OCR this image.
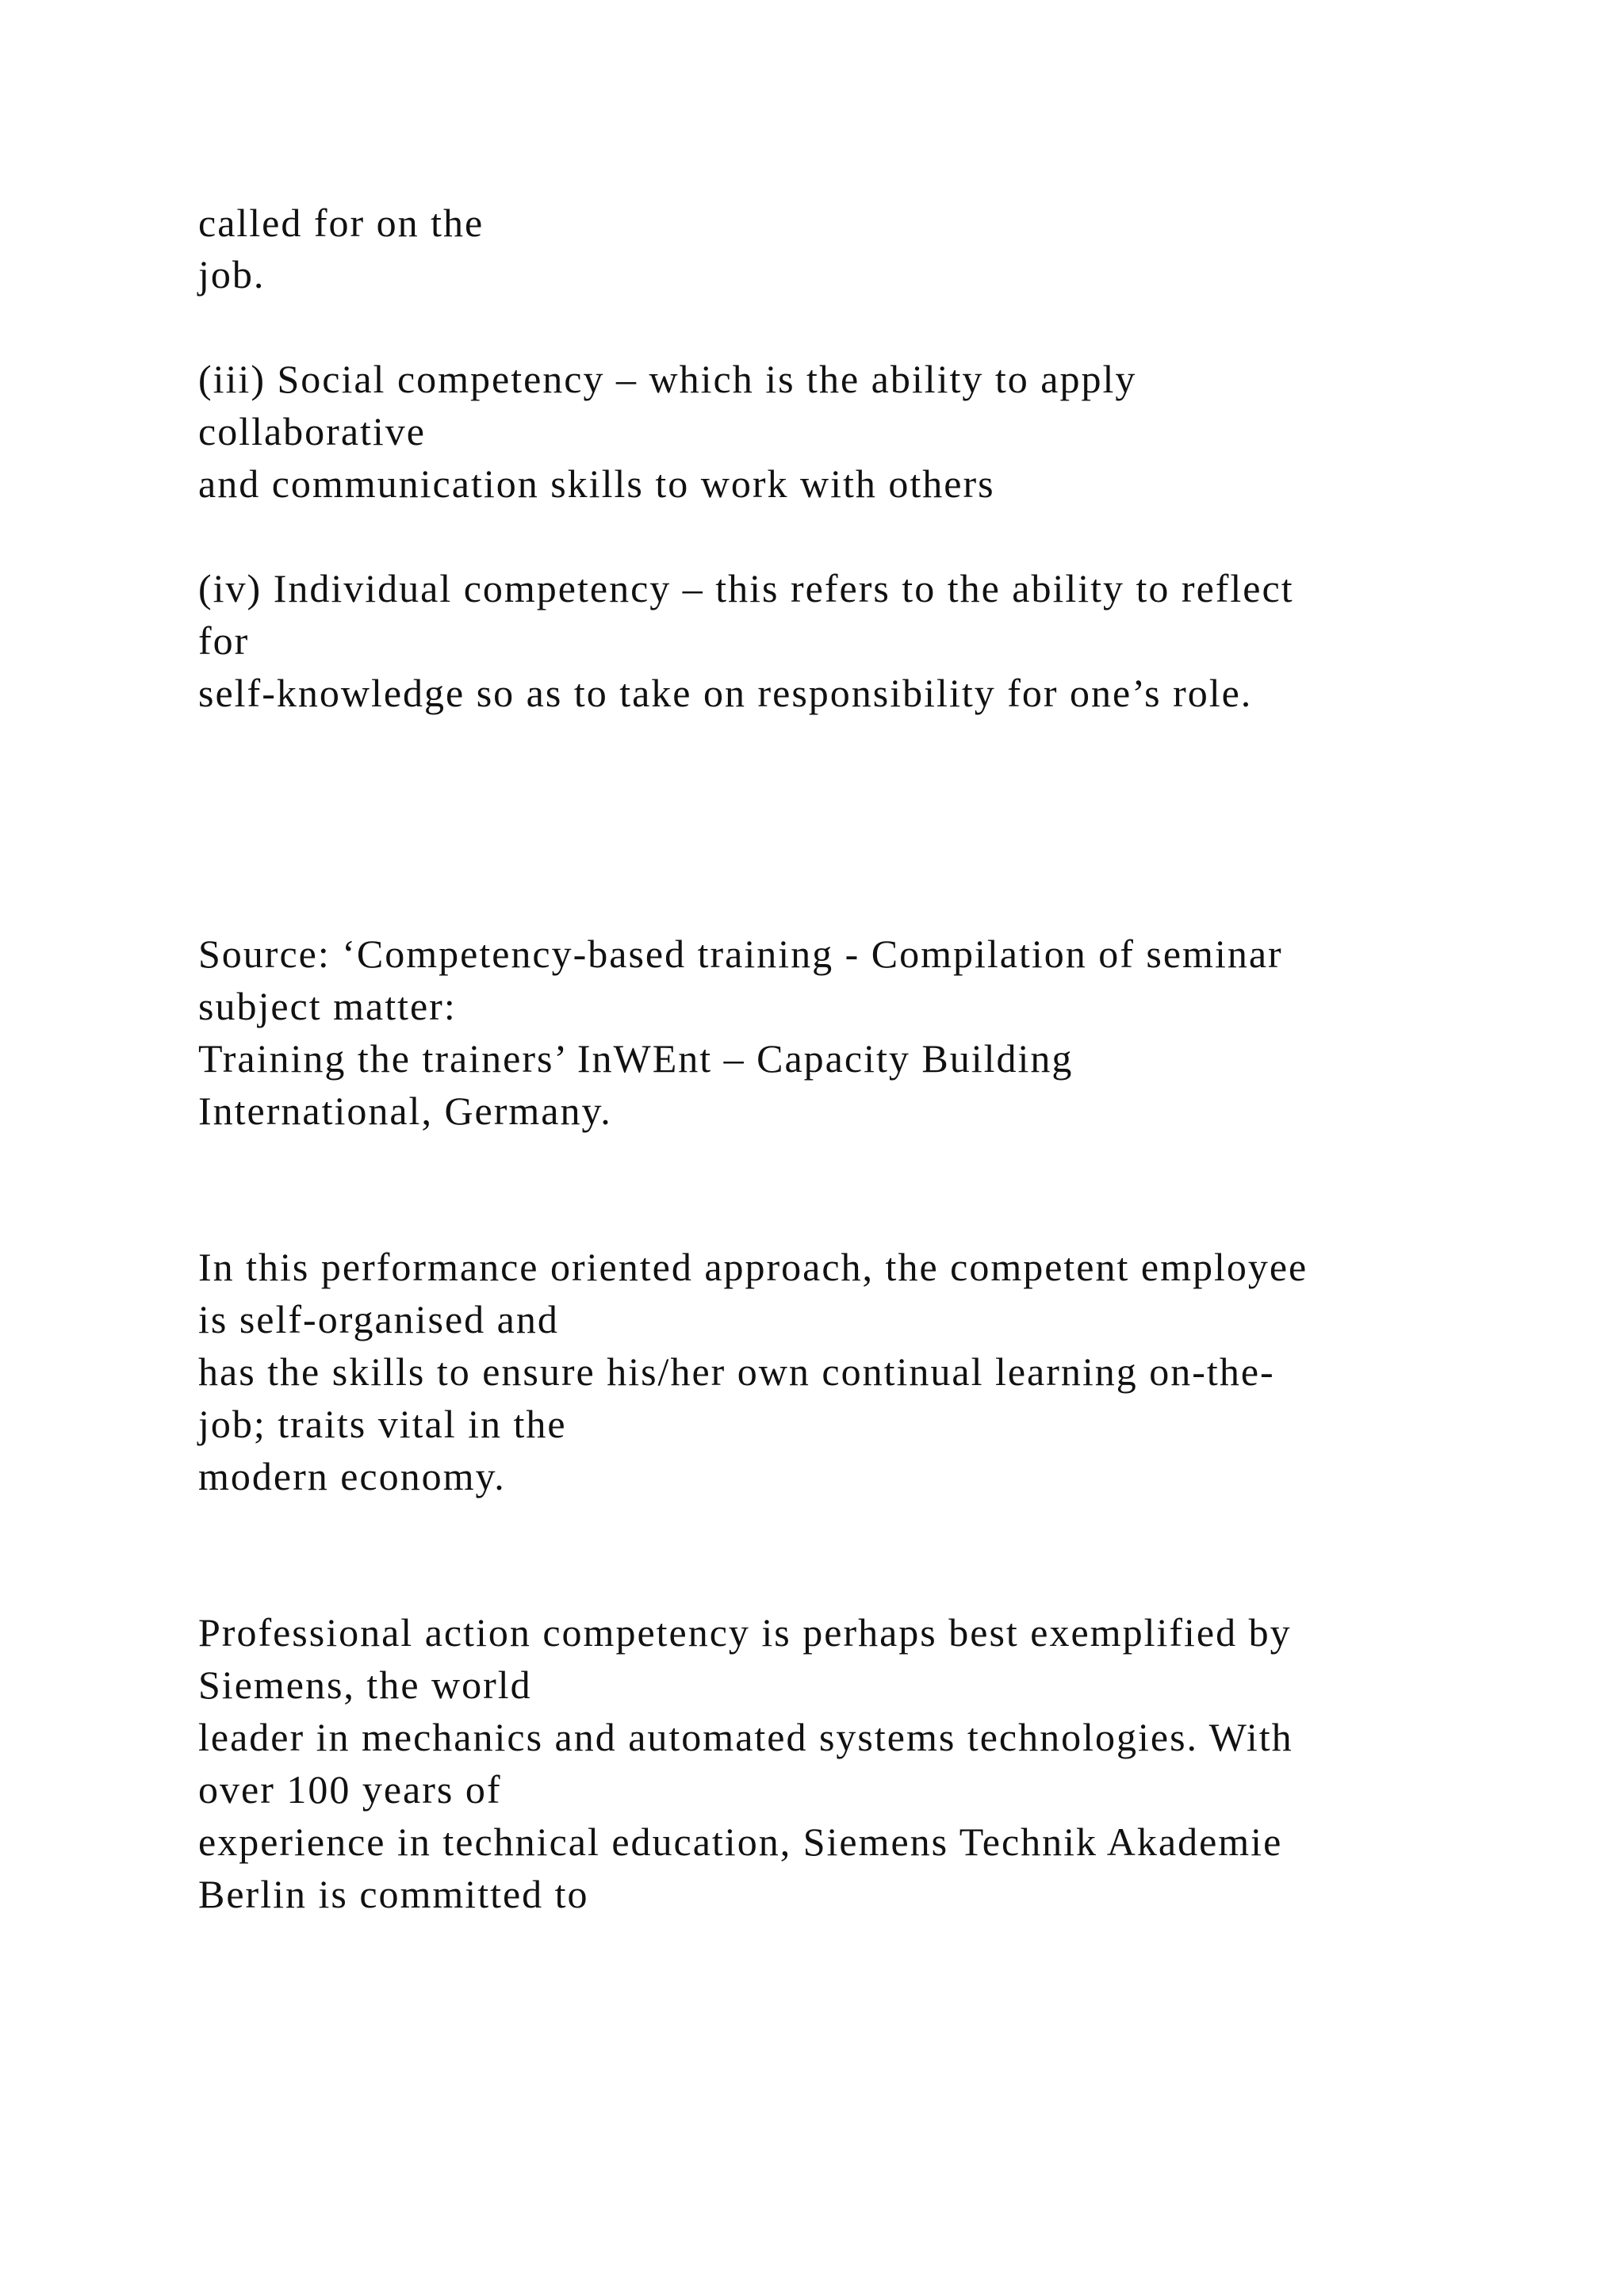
called for on the

job.

(iii) Social competency – which is the ability to apply

collaborative

and communication skills to work with others

(iv) Individual competency – this refers to the ability to reflect

for

self-knowledge so as to take on responsibility for one’s role.

Source: ‘Competency-based training - Compilation of seminar

subject matter:

Training the trainers’ InWEnt – Capacity Building

International, Germany.

In this performance oriented approach, the competent employee

is self-organised and

has the skills to ensure his/her own continual learning on-the-

job; traits vital in the

modern economy.

Professional action competency is perhaps best exemplified by

Siemens, the world

leader in mechanics and automated systems technologies. With

over 100 years of

experience in technical education, Siemens Technik Akademie

Berlin is committed to
